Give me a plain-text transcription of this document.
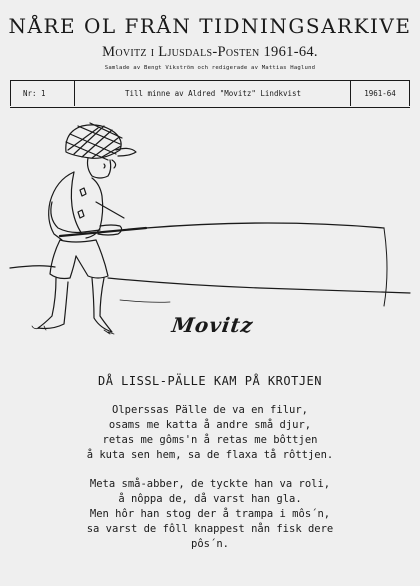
NÅRE OL FRÅN TIDNINGSARKIVE
Movitz i Ljusdals-Posten 1961-64.
Samlade av Bengt Vikström och redigerade av Mattias Haglund
Nr: 1	Till minne av Aldred "Movitz" Lindkvist	1961-64
Movitz
DÅ LISSL-PÄLLE KAM PÅ KROTJEN
Olperssas Pälle de va en filur,
osams me katta å andre små djur,
retas me gôms'n å retas me bôttjen
å kuta sen hem, sa de flaxa tå rôttjen.
Meta små-abber, de tyckte han va roli,
å nôppa de, då varst han gla.
Men hôr han stog der å trampa i môs´n,
sa varst de fôll knappest nån fisk dere
pôs´n.
